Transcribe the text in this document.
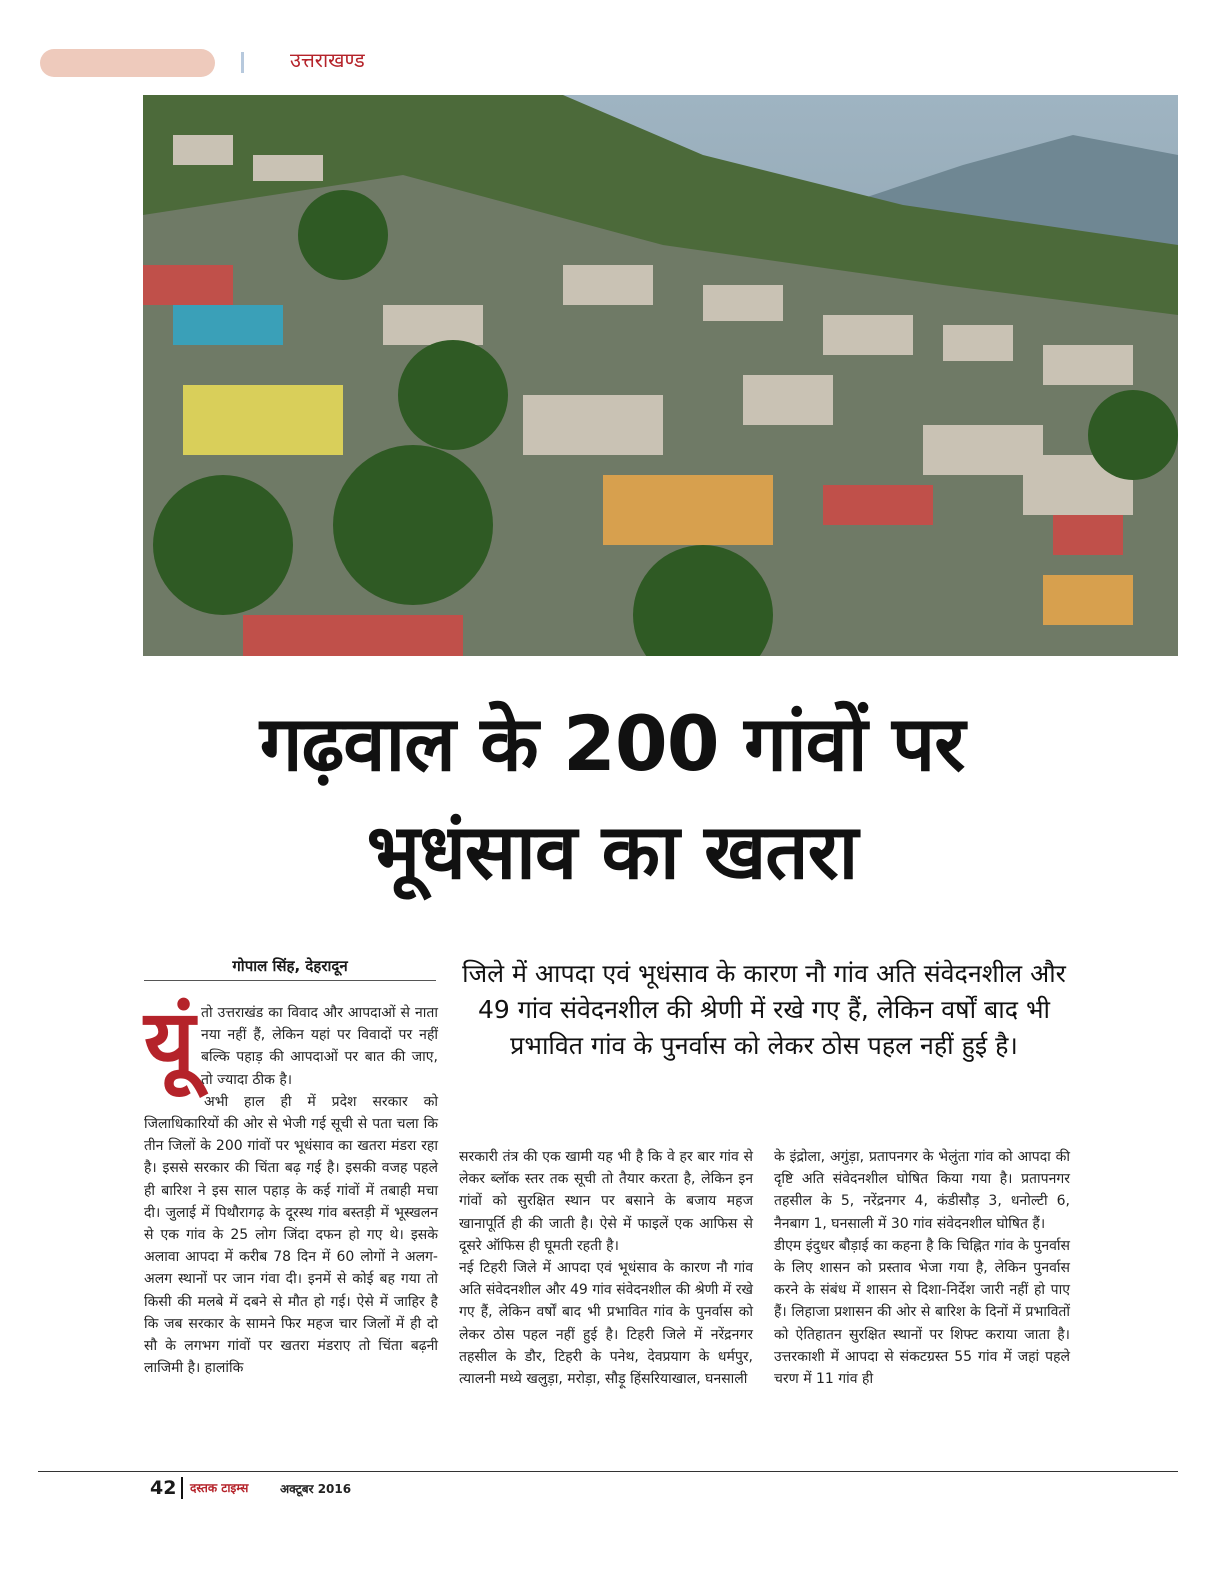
उत्तराखण्ड
गढ़वाल के 200 गांवों पर
भूधंसाव का खतरा
गोपाल सिंह, देहरादून	जिले में आपदा एवं भूधंसाव के कारण नौ गांव अति संवेदनशील और 49 गांव संवेदनशील की श्रेणी में रखे गए हैं, लेकिन वर्षों बाद भी प्रभावित गांव के पुनर्वास को लेकर ठोस पहल नहीं हुई है।
यूं तो उत्तराखंड का विवाद और आपदाओं से नाता नया नहीं हैं, लेकिन यहां पर विवादों पर नहीं बल्कि पहाड़ की आपदाओं पर बात की जाए, तो ज्यादा ठीक है।

अभी हाल ही में प्रदेश सरकार को जिलाधिकारियों की ओर से भेजी गई सूची से पता चला कि तीन जिलों के 200 गांवों पर भूधंसाव का खतरा मंडरा रहा है। इससे सरकार की चिंता बढ़ गई है। इसकी वजह पहले ही बारिश ने इस साल पहाड़ के कई गांवों में तबाही मचा दी। जुलाई में पिथौरागढ़ के दूरस्थ गांव बस्तड़ी में भूस्खलन से एक गांव के 25 लोग जिंदा दफन हो गए थे। इसके अलावा आपदा में करीब 78 दिन में 60 लोगों ने अलग- अलग स्थानों पर जान गंवा दी। इनमें से कोई बह गया तो किसी की मलबे में दबने से मौत हो गई। ऐसे में जाहिर है कि जब सरकार के सामने फिर महज चार जिलों में ही दो सौ के लगभग गांवों पर खतरा मंडराए तो चिंता बढ़नी लाजिमी है। हालांकि

सरकारी तंत्र की एक खामी यह भी है कि वे हर बार गांव से लेकर ब्लॉक स्तर तक सूची तो तैयार करता है, लेकिन इन गांवों को सुरक्षित स्थान पर बसाने के बजाय महज खानापूर्ति ही की जाती है। ऐसे में फाइलें एक आफिस से दूसरे ऑफिस ही घूमती रहती है।

नई टिहरी जिले में आपदा एवं भूधंसाव के कारण नौ गांव अति संवेदनशील और 49 गांव संवेदनशील की श्रेणी में रखे गए हैं, लेकिन वर्षों बाद भी प्रभावित गांव के पुनर्वास को लेकर ठोस पहल नहीं हुई है। टिहरी जिले में नरेंद्रनगर तहसील के डौर, टिहरी के पनेथ, देवप्रयाग के धर्मपुर, त्यालनी मध्ये खलुड़ा, मरोड़ा, सौड़ू हिंसरियाखाल, घनसाली

के इंद्रोला, अगुंड़ा, प्रतापनगर के भेलुंता गांव को आपदा की दृष्टि अति संवेदनशील घोषित किया गया है। प्रतापनगर तहसील के 5, नरेंद्रनगर 4, कंडीसौड़ 3, धनोल्टी 6, नैनबाग 1, घनसाली में 30 गांव संवेदनशील घोषित हैं।

डीएम इंदुधर बौड़ाई का कहना है कि चिह्नित गांव के पुनर्वास के लिए शासन को प्रस्ताव भेजा गया है, लेकिन पुनर्वास करने के संबंध में शासन से दिशा-निर्देश जारी नहीं हो पाए हैं। लिहाजा प्रशासन की ओर से बारिश के दिनों में प्रभावितों को ऐतिहातन सुरक्षित स्थानों पर शिफ्ट कराया जाता है। उत्तरकाशी में आपदा से संकटग्रस्त 55 गांव में जहां पहले चरण में 11 गांव ही

42 दस्तक टाइम्स	अक्टूबर 2016
